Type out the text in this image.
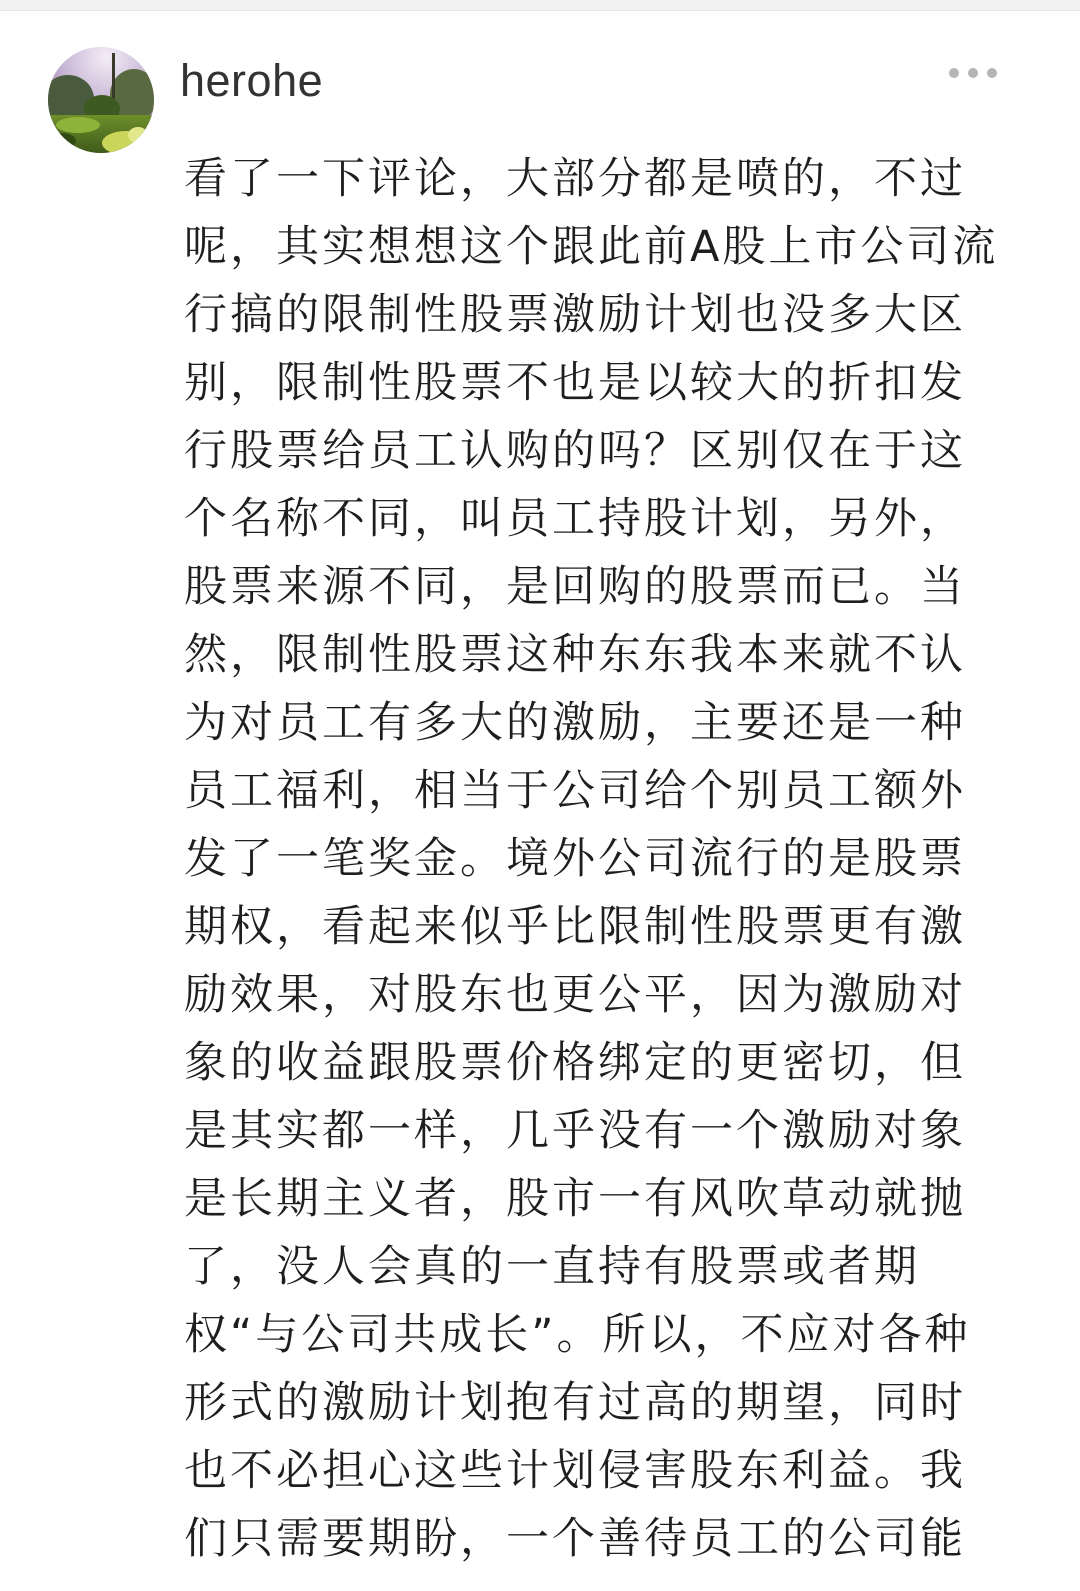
herohe
看了一下评论，大部分都是喷的，不过
呢，其实想想这个跟此前A股上市公司流
行搞的限制性股票激励计划也没多大区
别，限制性股票不也是以较大的折扣发
行股票给员工认购的吗？区别仅在于这
个名称不同，叫员工持股计划，另外，
股票来源不同，是回购的股票而已。当
然，限制性股票这种东东我本来就不认
为对员工有多大的激励，主要还是一种
员工福利，相当于公司给个别员工额外
发了一笔奖金。境外公司流行的是股票
期权，看起来似乎比限制性股票更有激
励效果，对股东也更公平，因为激励对
象的收益跟股票价格绑定的更密切，但
是其实都一样，几乎没有一个激励对象
是长期主义者，股市一有风吹草动就抛
了，没人会真的一直持有股票或者期
权“与公司共成长”。所以，不应对各种
形式的激励计划抱有过高的期望，同时
也不必担心这些计划侵害股东利益。我
们只需要期盼，一个善待员工的公司能
